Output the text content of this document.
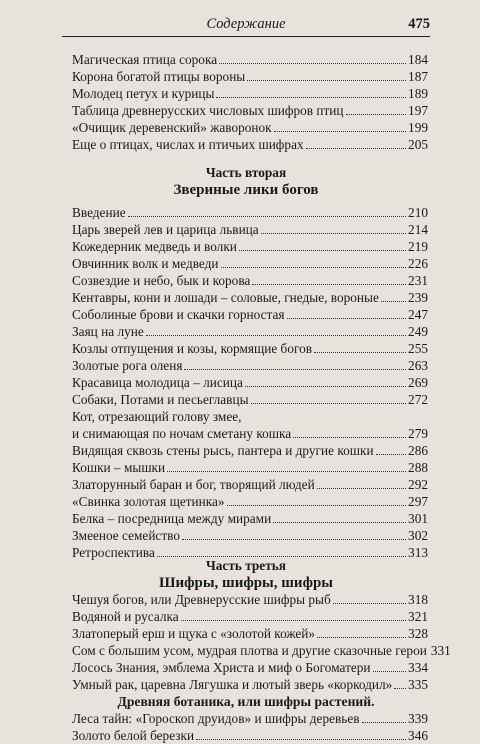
Содержание	475
Магическая птица сорока	184
Корона богатой птицы вороны	187
Молодец петух и курицы	189
Таблица древнерусских числовых шифров птиц	197
«Очищик деревенский» жаворонок	199
Еще о птицах, числах и птичьих шифрах	205
Часть вторая
Звериные лики богов
Введение	210
Царь зверей лев и царица львица	214
Кожедерник медведь и волки	219
Овчинник волк и медведи	226
Созвездие и небо, бык и корова	231
Кентавры, кони и лошади – соловые, гнедые, вороные 239
Соболиные брови и скачки горностая	247
Заяц на луне	249
Козлы отпущения и козы, кормящие богов	255
Золотые рога оленя	263
Красавица молодица – лисица	269
Собаки, Потами и песьеглавцы	272
Кот, отрезающий голову змее,
и снимающая по ночам сметану кошка	279
Видящая сквозь стены рысь, пантера и другие кошки	286
Кошки – мышки	288
Златорунный баран и бог, творящий людей	292
«Свинка золотая щетинка»	297
Белка – посредница между мирами	301
Змееное семейство	302
Ретроспектива	313
Часть третья
Шифры, шифры, шифры
Чешуя богов, или Древнерусские шифры рыб	318
Водяной и русалка	321
Златоперый ерш и щука с «золотой кожей»	328
Сом с большим усом, мудрая плотва и другие сказочные герои 331
Лосось Знания, эмблема Христа и миф о Богоматери	334
Умный рак, царевна Лягушка и лютый зверь «коркодил» 335
Древняя ботаника, или шифры растений.
Леса тайн: «Гороскоп друидов» и шифры деревьев	339
Золото белой березки	346
